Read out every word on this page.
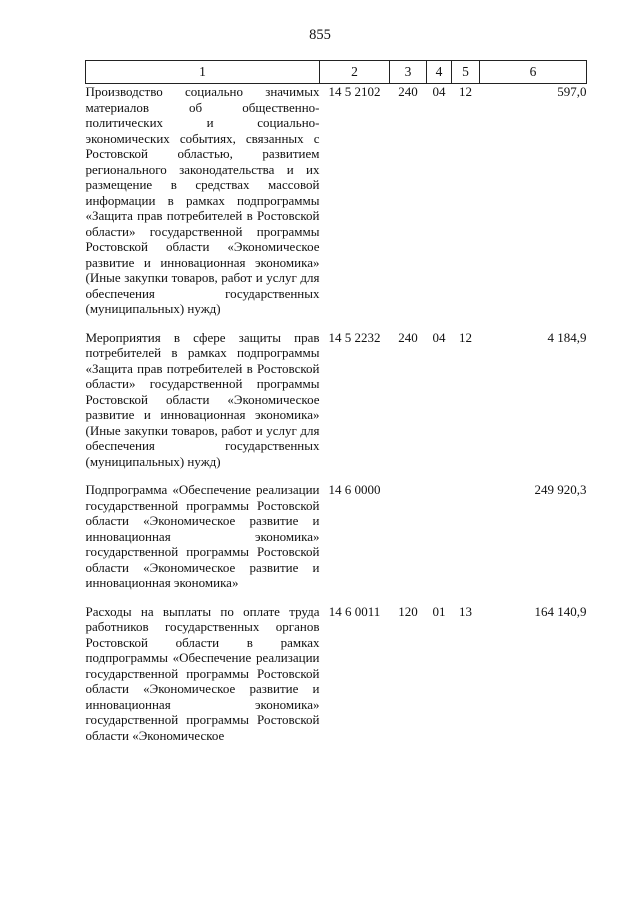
855
1	2	3	4	5	6
Производство социально значимых материалов об общественно-политических и социально-экономических событиях, связанных с Ростовской областью, развитием регионального законодательства и их размещение в средствах массовой информации в рамках подпрограммы «Защита прав потребителей в Ростовской области» государственной программы Ростовской области «Экономическое развитие и инновационная экономика» (Иные закупки товаров, работ и услуг для обеспечения государственных (муниципальных) нужд)	14 5 2102	240	04	12	597,0
Мероприятия в сфере защиты прав потребителей в рамках подпрограммы «Защита прав потребителей в Ростовской области» государственной программы Ростовской области «Экономическое развитие и инновационная экономика» (Иные закупки товаров, работ и услуг для обеспечения государственных (муниципальных) нужд)	14 5 2232	240	04	12	4 184,9
Подпрограмма «Обеспечение реализации государственной программы Ростовской области «Экономическое развитие и инновационная экономика» государственной программы Ростовской области «Экономическое развитие и инновационная экономика»	14 6 0000				249 920,3
Расходы на выплаты по оплате труда работников государственных органов Ростовской области в рамках подпрограммы «Обеспечение реализации государственной программы Ростовской области «Экономическое развитие и инновационная экономика» государственной программы Ростовской области «Экономическое	14 6 0011	120	01	13	164 140,9
